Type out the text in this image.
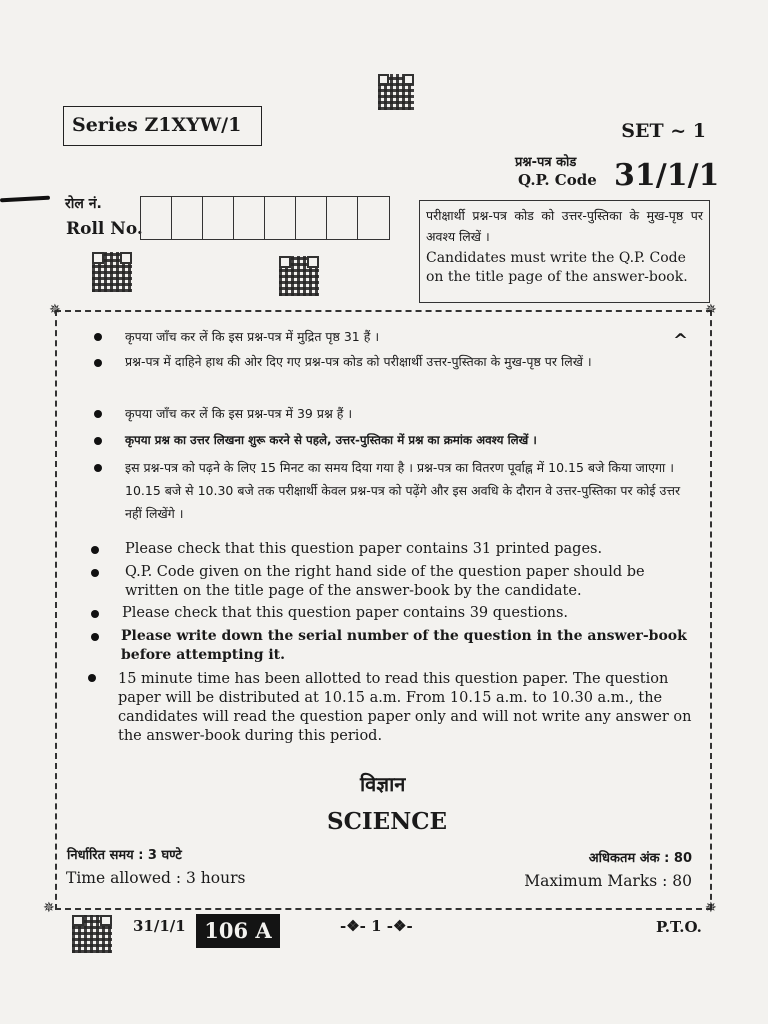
Series Z1XYW/1	SET ~ 1
प्रश्न-पत्र कोड
Q.P. Code 31/1/1
रोल नं.
Roll No.
परीक्षार्थी प्रश्न-पत्र कोड को उत्तर-पुस्तिका के मुख-पृष्ठ पर अवश्य लिखें ।
Candidates must write the Q.P. Code on the title page of the answer-book.
✵	✵
✵	✵
^
कृपया जाँच कर लें कि इस प्रश्न-पत्र में मुद्रित पृष्ठ 31 हैं ।
प्रश्न-पत्र में दाहिने हाथ की ओर दिए गए प्रश्न-पत्र कोड को परीक्षार्थी उत्तर-पुस्तिका के मुख-पृष्ठ पर लिखें ।
कृपया जाँच कर लें कि इस प्रश्न-पत्र में 39 प्रश्न हैं ।
कृपया प्रश्न का उत्तर लिखना शुरू करने से पहले, उत्तर-पुस्तिका में प्रश्न का क्रमांक अवश्य लिखें ।
इस प्रश्न-पत्र को पढ़ने के लिए 15 मिनट का समय दिया गया है । प्रश्न-पत्र का वितरण पूर्वाह्न में 10.15 बजे किया जाएगा । 10.15 बजे से 10.30 बजे तक परीक्षार्थी केवल प्रश्न-पत्र को पढ़ेंगे और इस अवधि के दौरान वे उत्तर-पुस्तिका पर कोई उत्तर नहीं लिखेंगे ।
Please check that this question paper contains 31 printed pages.
Q.P. Code given on the right hand side of the question paper should be written on the title page of the answer-book by the candidate.
Please check that this question paper contains 39 questions.
Please write down the serial number of the question in the answer-book before attempting it.
15 minute time has been allotted to read this question paper. The question paper will be distributed at 10.15 a.m. From 10.15 a.m. to 10.30 a.m., the candidates will read the question paper only and will not write any answer on the answer-book during this period.
विज्ञान
SCIENCE
निर्धारित समय : 3 घण्टे
Time allowed : 3 hours
अधिकतम अंक : 80
Maximum Marks : 80
31/1/1 106 A	-❖- 1 -❖-	P.T.O.
